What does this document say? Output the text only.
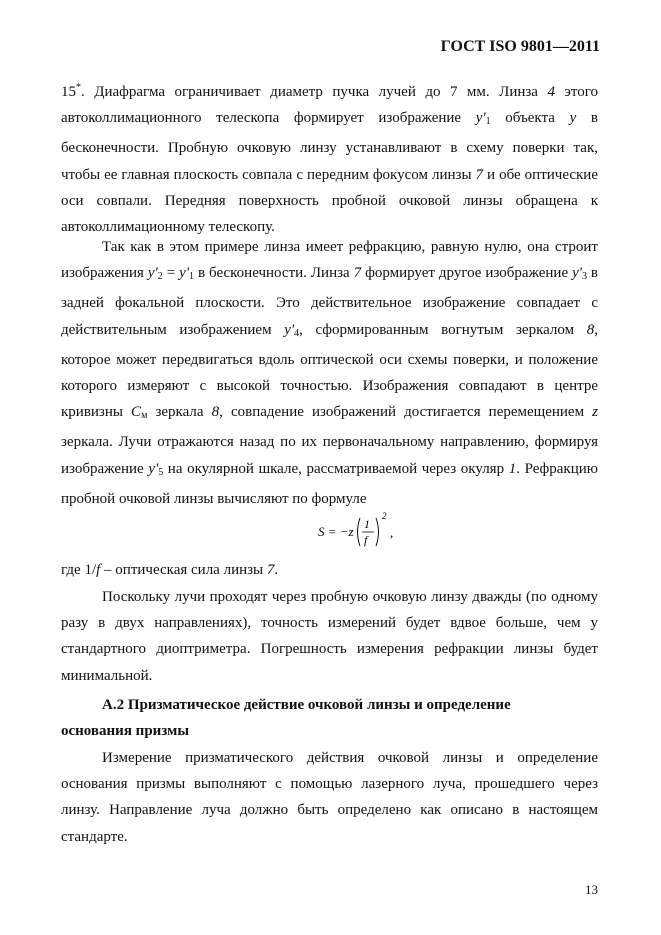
ГОСТ ISO 9801—2011

15*. Диафрагма ограничивает диаметр пучка лучей до 7 мм. Линза 4 этого автоколлимационного телескопа формирует изображение $y'_1$ объекта y в бесконечности. Пробную очковую линзу устанавливают в схему поверки так, чтобы ее главная плоскость совпала с передним фокусом линзы 7 и обе оптические оси совпали. Передняя поверхность пробной очковой линзы обращена к автоколлимационному телескопу.

Так как в этом примере линза имеет рефракцию, равную нулю, она строит изображения $y'_2 = y'_1$ в бесконечности. Линза 7 формирует другое изображение $y'_3$ в задней фокальной плоскости. Это действительное изображение совпадает с действительным изображением $y'_4$, сформированным вогнутым зеркалом 8, которое может передвигаться вдоль оптической оси схемы поверки, и положение которого измеряют с высокой точностью. Изображения совпадают в центре кривизны $C_м$ зеркала 8, совпадение изображений достигается перемещением z зеркала. Лучи отражаются назад по их первоначальному направлению, формируя изображение $y'_5$ на окулярной шкале, рассматриваемой через окуляр 1. Рефракцию пробной очковой линзы вычисляют по формуле

S = −z 1
f
2
,

где 1/f – оптическая сила линзы 7.

Поскольку лучи проходят через пробную очковую линзу дважды (по одному разу в двух направлениях), точность измерений будет вдвое больше, чем у стандартного диоптриметра. Погрешность измерения рефракции линзы будет минимальной.

А.2 Призматическое действие очковой линзы и определение
основания призмы

Измерение призматического действия очковой линзы и определение основания призмы выполняют с помощью лазерного луча, прошедшего через линзу. Направление луча должно быть определено как описано в настоящем стандарте.

13
